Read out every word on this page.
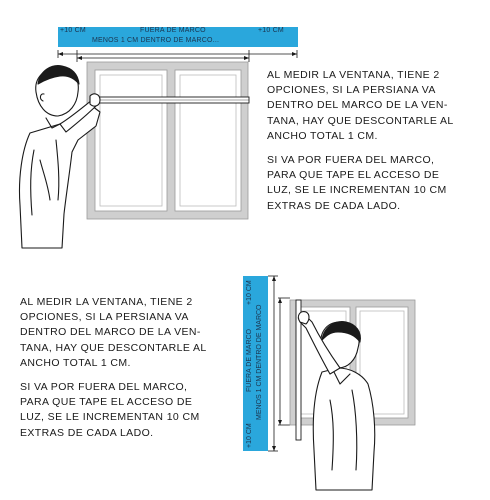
+10 CM	FUERA DE MARCO	+10 CM
MENOS 1 CM DENTRO DE MARCO...

AL MEDIR LA VENTANA, TIENE 2
OPCIONES, SI LA PERSIANA VA
DENTRO DEL MARCO DE LA VEN-
TANA, HAY QUE DESCONTARLE AL
ANCHO TOTAL 1 CM.

SI VA POR FUERA DEL MARCO,
PARA QUE TAPE EL ACCESO DE
LUZ, SE LE INCREMENTAN 10 CM
EXTRAS DE CADA LADO.

AL MEDIR LA VENTANA, TIENE 2
OPCIONES, SI LA PERSIANA VA
DENTRO DEL MARCO DE LA VEN-
TANA, HAY QUE DESCONTARLE AL
ANCHO TOTAL 1 CM.

SI VA POR FUERA DEL MARCO,
PARA QUE TAPE EL ACCESO DE
LUZ, SE LE INCREMENTAN 10 CM
EXTRAS DE CADA LADO.

+10 CM
FUERA DE MARCO MENOS 1 CM DENTRO DE MARCO
+10 CM
